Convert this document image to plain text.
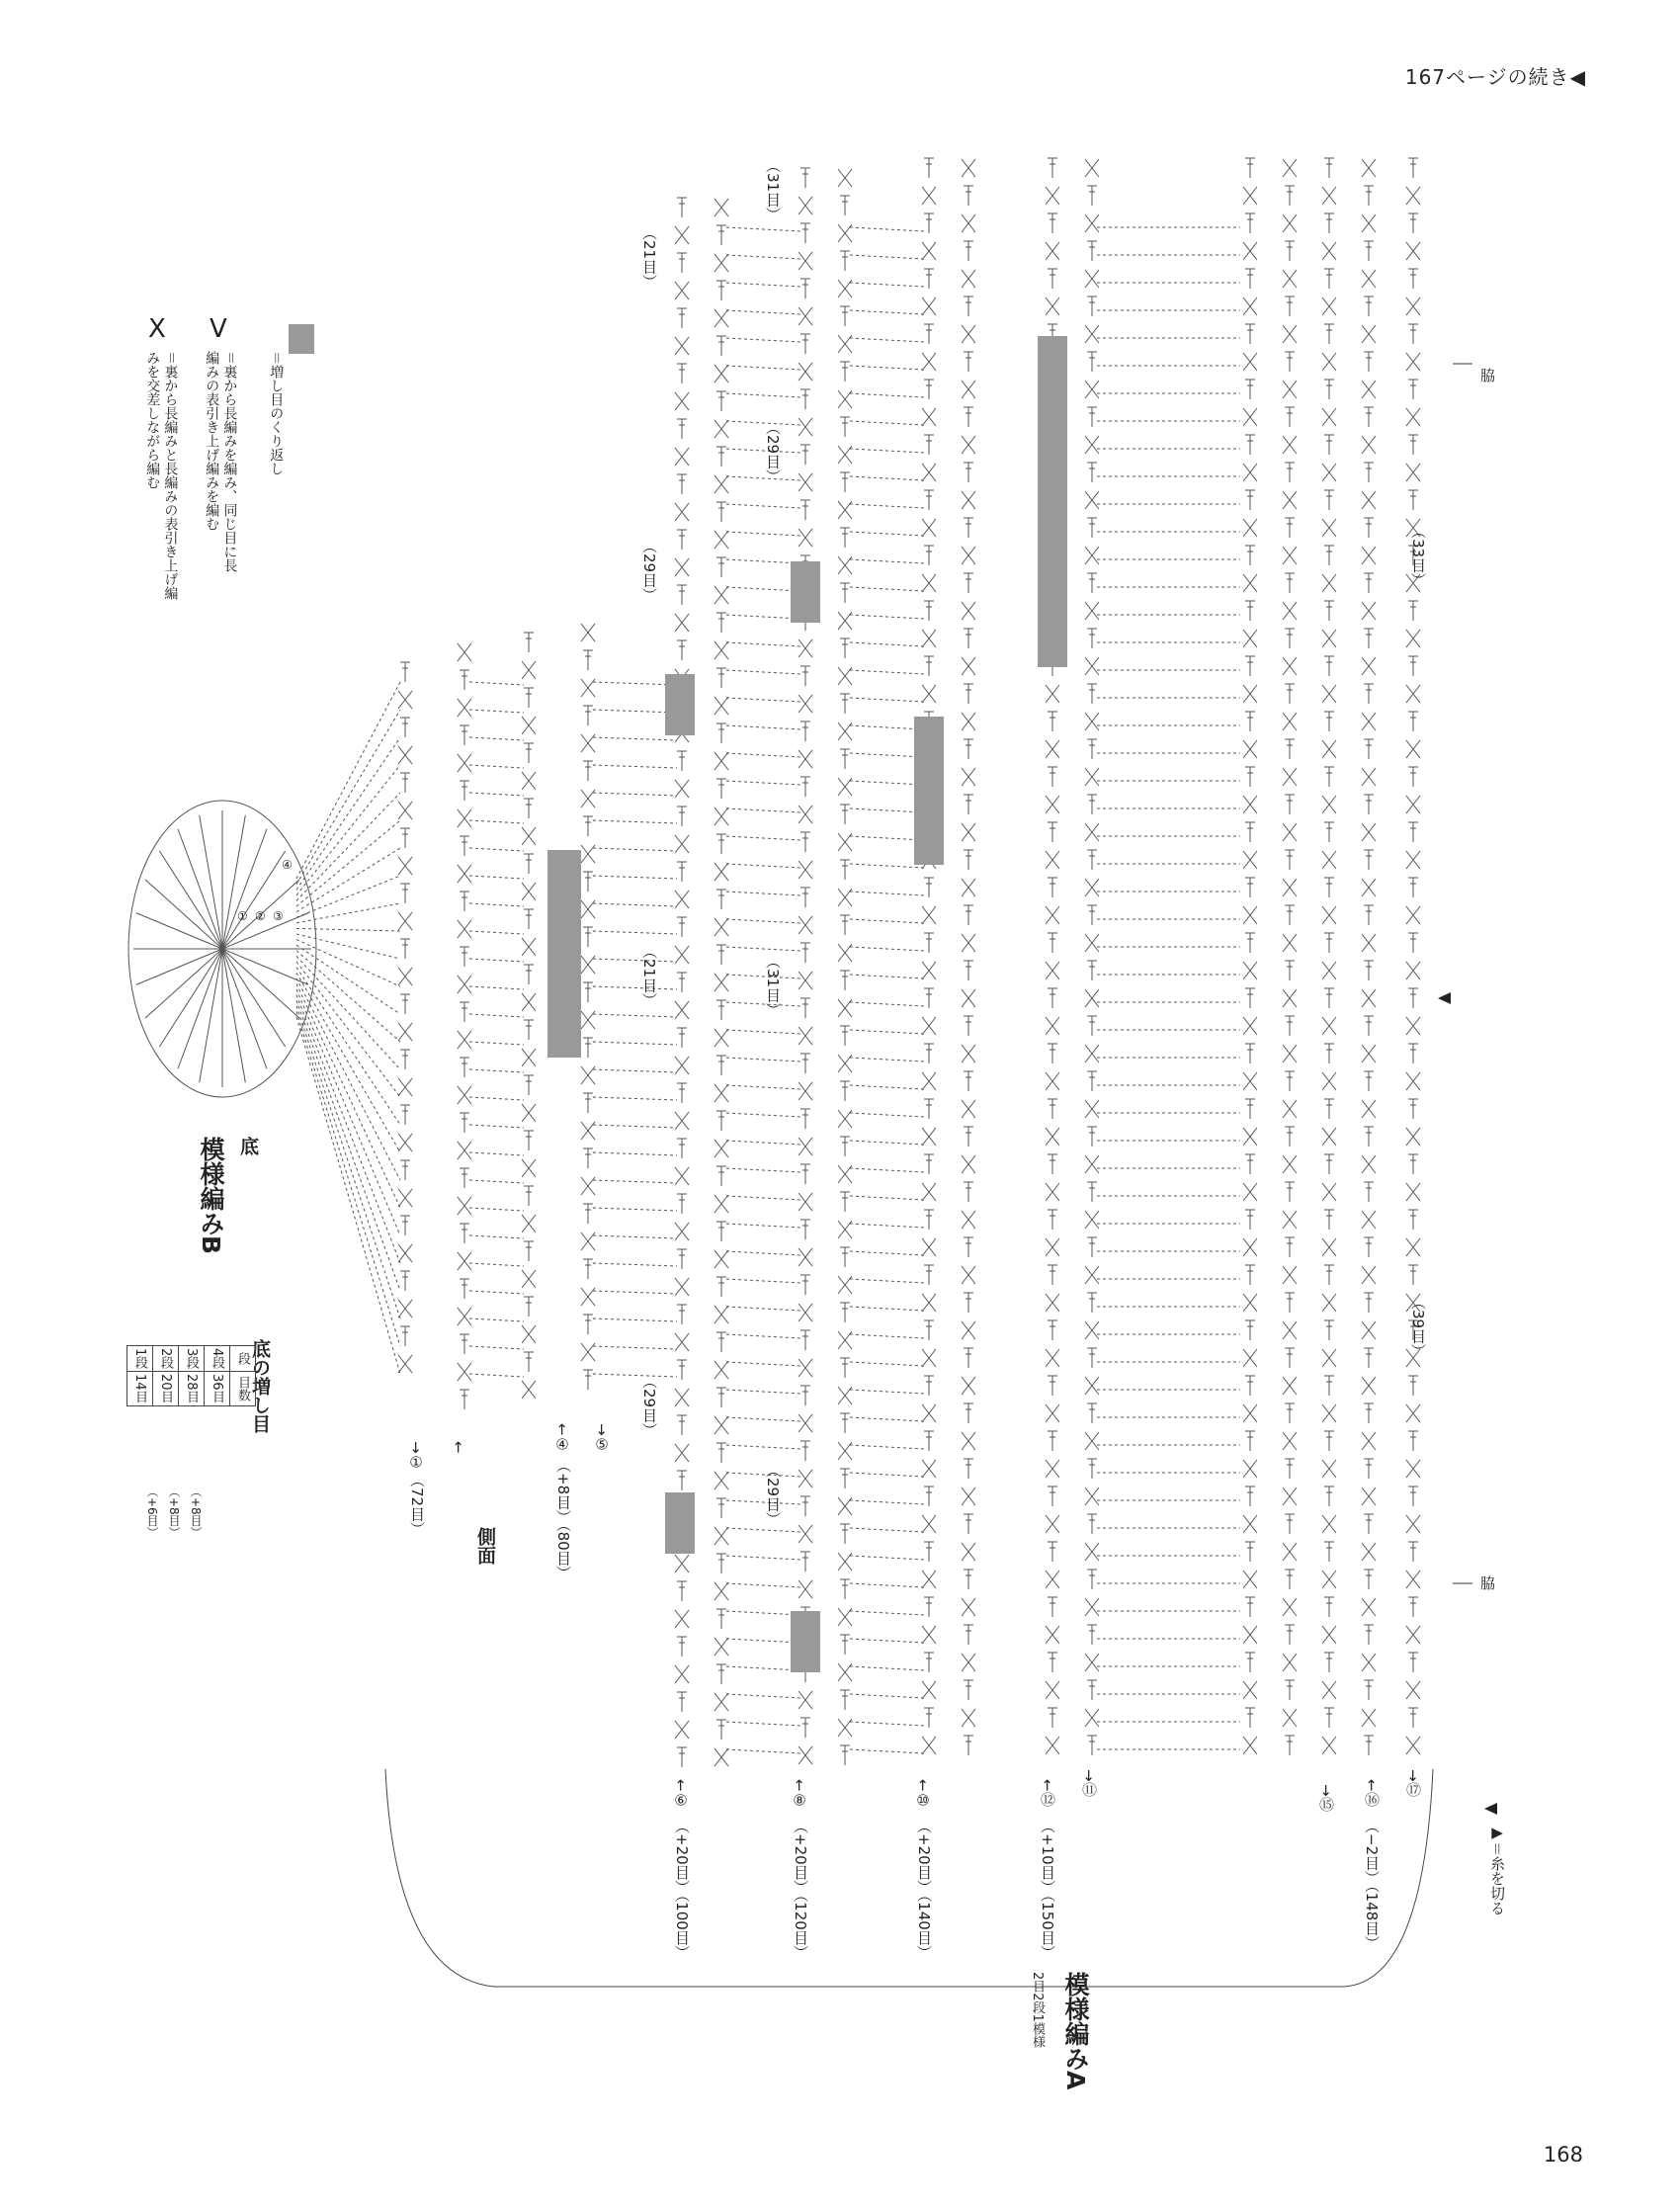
167ページの続き◀
168
＝増し目のくり返し
Ⅴ
＝裏から長編みを編み、同じ目に長編みの表引き上げ編みを編む
Ⅹ
＝裏から長編みと長編みの表引き上げ編みを交差しながら編む
▶＝糸を切る
底
模様編みB
側面
模様編みA
2目2段1模様
脇
脇
底の増し目
1段	2段	3段	4段	段
14目	20目	28目	36目	目数
（+8目）
（+8目）
（+6目）
① ② ③
④
→①
（72目）
←	←④
（+8目）（80目）
→⑤
←⑥
（+20目）（100目）
←⑧
（+20目）（120目）
←⑩
（+20目）（140目）
←⑫
（+10目）（150目）
→⑪
→⑮ ←⑯
（−2目）（148目）
→⑰
（21目）
（29目）
（21目）
（29目）
（31目）
（29目）
（31目）
（29目）
（33目）
（39目）
